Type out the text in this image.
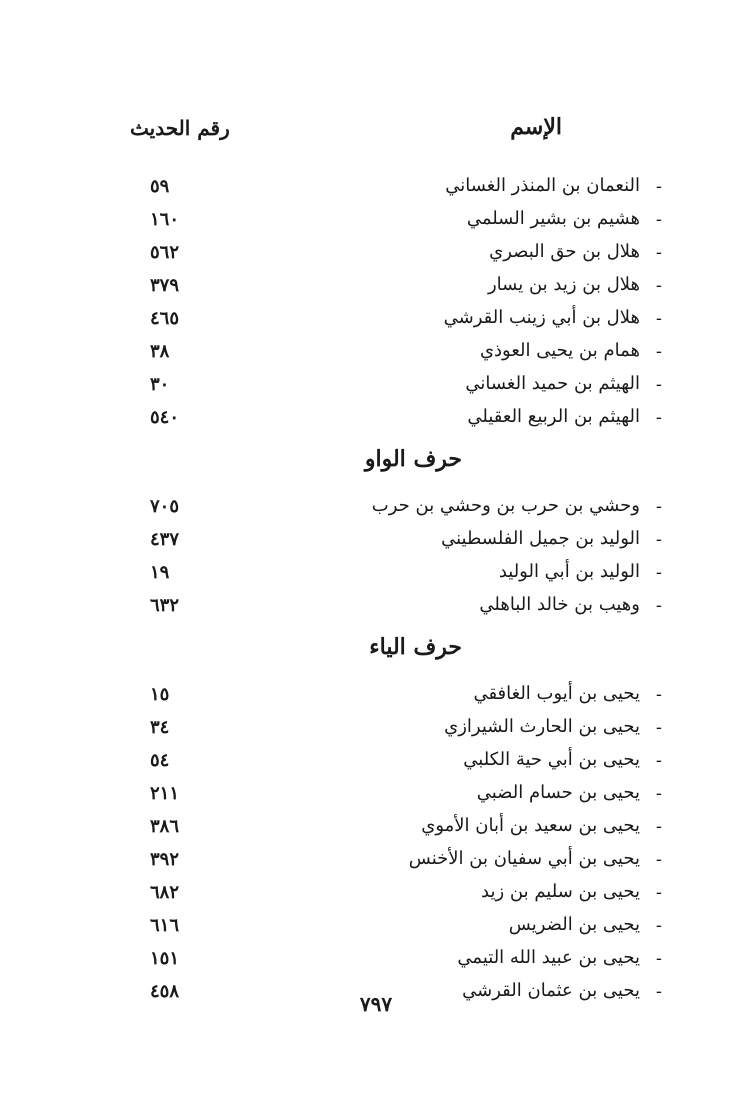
الإسم
رقم الحديث
-
النعمان بن المنذر الغساني
٥٩
-
هشيم بن بشير السلمي
١٦٠
-
هلال بن حق البصري
٥٦٢
-
هلال بن زيد بن يسار
٣٧٩
-
هلال بن أبي زينب القرشي
٤٦٥
-
همام بن يحيى العوذي
٣٨
-
الهيثم بن حميد الغساني
٣٠
-
الهيثم بن الربيع العقيلي
٥٤٠
حرف الواو
-
وحشي بن حرب بن وحشي بن حرب
٧٠٥
-
الوليد بن جميل الفلسطيني
٤٣٧
-
الوليد بن أبي الوليد
١٩
-
وهيب بن خالد الباهلي
٦٣٢
حرف الياء
-
يحيى بن أيوب الغافقي
١٥
-
يحيى بن الحارث الشيرازي
٣٤
-
يحيى بن أبي حية الكلبي
٥٤
-
يحيى بن حسام الضبي
٢١١
-
يحيى بن سعيد بن أبان الأموي
٣٨٦
-
يحيى بن أبي سفيان بن الأخنس
٣٩٢
-
يحيى بن سليم بن زيد
٦٨٢
-
يحيى بن الضريس
٦١٦
-
يحيى بن عبيد الله التيمي
١٥١
-
يحيى بن عثمان القرشي
٤٥٨
٧٩٧
